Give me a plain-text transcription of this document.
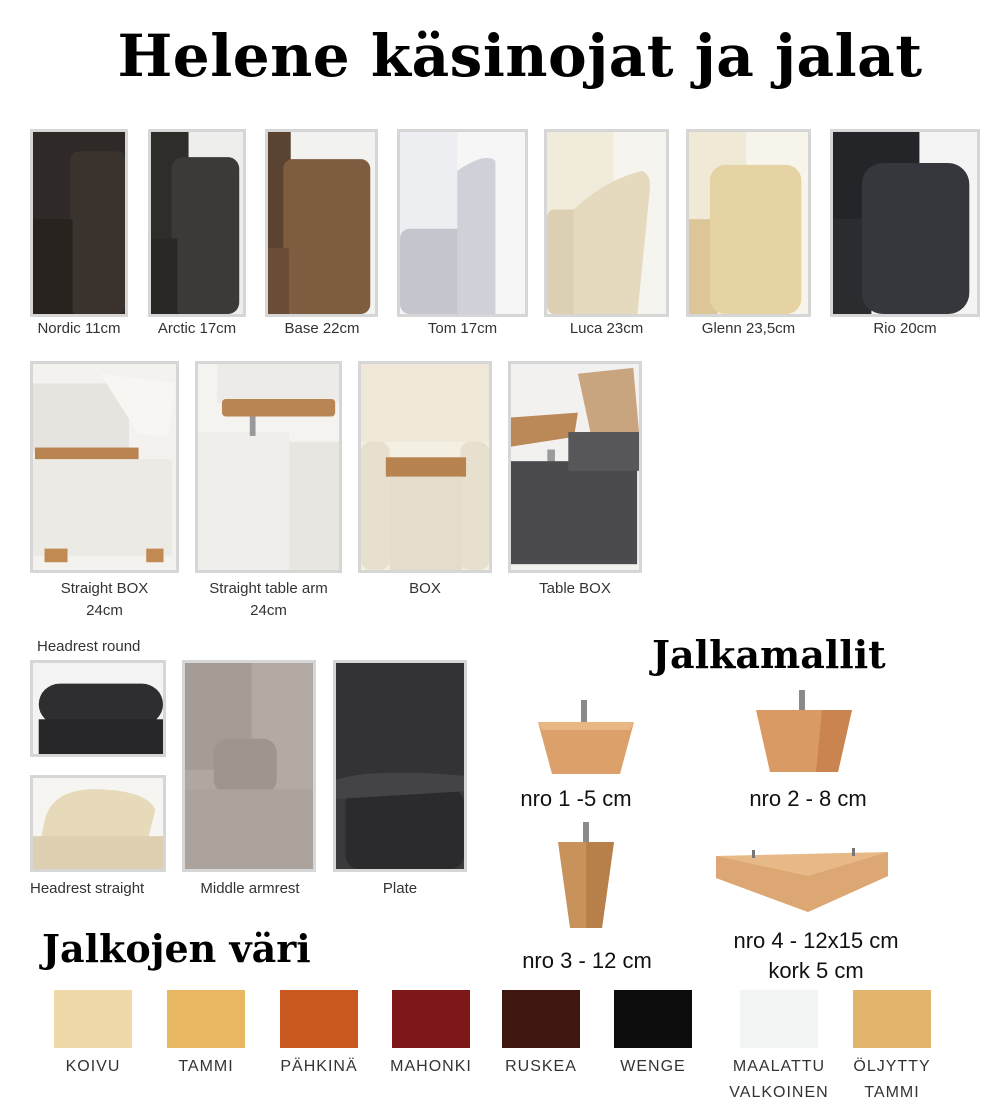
Helene käsinojat ja jalat
Nordic 11cm	Arctic 17cm	Base 22cm	Tom 17cm	Luca 23cm	Glenn 23,5cm	Rio 20cm
Straight BOX
24cm
Straight table arm
24cm
BOX	Table BOX
Headrest round
Headrest straight	Middle armrest	Plate
Jalkamallit
nro 1 -5 cm	nro 2 - 8 cm
nro 3 - 12 cm
nro 4 - 12x15 cm
kork 5 cm
Jalkojen väri
KOIVU	TAMMI	PÄHKINÄ	MAHONKI	RUSKEA	WENGE	MAALATTU
VALKOINEN
ÖLJYTTY
TAMMI
